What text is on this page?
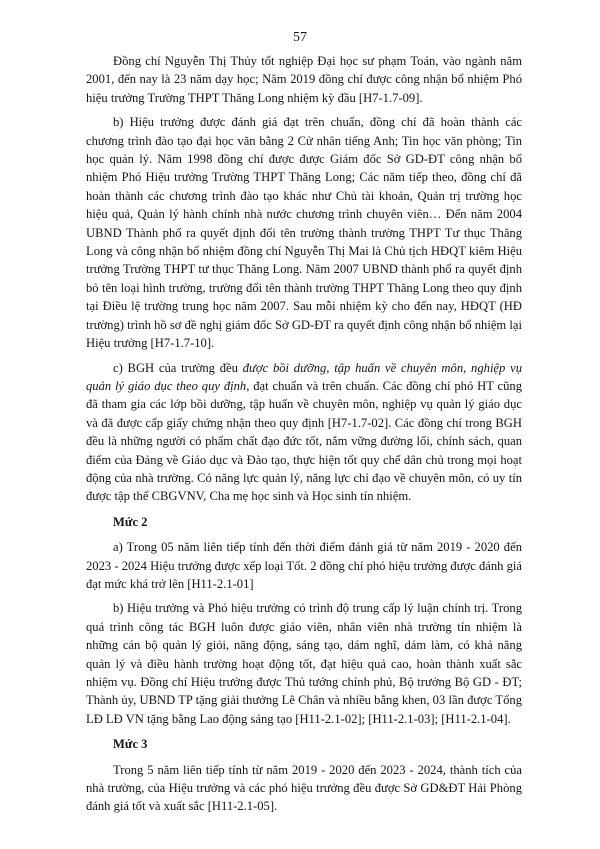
57

Đồng chí Nguyễn Thị Thủy tốt nghiệp Đại học sư phạm Toán, vào ngành năm 2001, đến nay là 23 năm dạy học; Năm 2019 đồng chí được công nhận bổ nhiệm Phó hiệu trưởng Trường THPT Thăng Long nhiệm kỳ đầu [H7-1.7-09].

b) Hiệu trưởng được đánh giá đạt trên chuẩn, đồng chí đã hoàn thành các chương trình đào tạo đại học văn bằng 2 Cử nhân tiếng Anh; Tin học văn phòng; Tin học quản lý. Năm 1998 đồng chí được được Giám đốc Sở GD-ĐT công nhận bổ nhiệm Phó Hiệu trưởng Trường THPT Thăng Long; Các năm tiếp theo, đồng chí đã hoàn thành các chương trình đào tạo khác như Chủ tài khoản, Quản trị trường học hiệu quả, Quản lý hành chính nhà nước chương trình chuyên viên… Đến năm 2004 UBND Thành phố ra quyết định đổi tên trường thành trường THPT Tư thục Thăng Long và công nhận bổ nhiệm đồng chí Nguyễn Thị Mai là Chủ tịch HĐQT kiêm Hiệu trưởng Trường THPT tư thục Thăng Long. Năm 2007 UBND thành phố ra quyết định bỏ tên loại hình trường, trường đổi tên thành trường THPT Thăng Long theo quy định tại Điều lệ trường trung học năm 2007. Sau mỗi nhiệm kỳ cho đến nay, HĐQT (HĐ trường) trình hồ sơ đề nghị giám đốc Sở GD-ĐT ra quyết định công nhận bổ nhiệm lại Hiệu trưởng [H7-1.7-10].

c) BGH của trường đều được bồi dưỡng, tập huấn về chuyên môn, nghiệp vụ quản lý giáo dục theo quy định, đạt chuẩn và trên chuẩn. Các đồng chí phó HT cũng đã tham gia các lớp bồi dưỡng, tập huấn về chuyên môn, nghiệp vụ quản lý giáo dục và đã được cấp giấy chứng nhận theo quy định [H7-1.7-02]. Các đồng chí trong BGH đều là những người có phẩm chất đạo đức tốt, nắm vững đường lối, chính sách, quan điểm của Đảng về Giáo dục và Đào tạo, thực hiện tốt quy chế dân chủ trong mọi hoạt động của nhà trường. Có năng lực quản lý, năng lực chỉ đạo về chuyên môn, có uy tín được tập thể CBGVNV, Cha mẹ học sinh và Học sinh tín nhiệm.

Mức 2

a) Trong 05 năm liên tiếp tính đến thời điểm đánh giá từ năm 2019 - 2020 đến 2023 - 2024 Hiệu trưởng được xếp loại Tốt. 2 đồng chí phó hiệu trưởng được đánh giá đạt mức khá trở lên [H11-2.1-01]

b) Hiệu trưởng và Phó hiệu trưởng có trình độ trung cấp lý luận chính trị. Trong quá trình công tác BGH luôn được giáo viên, nhân viên nhà trường tín nhiệm là những cán bộ quản lý giỏi, năng động, sáng tạo, dám nghĩ, dám làm, có khả năng quản lý và điều hành trường hoạt động tốt, đạt hiệu quả cao, hoàn thành xuất sắc nhiệm vụ. Đồng chí Hiệu trưởng được Thủ tướng chính phủ, Bộ trưởng Bộ GD - ĐT; Thành ủy, UBND TP tặng giải thưởng Lê Chân và nhiều bằng khen, 03 lần được Tổng LĐ LĐ VN tặng bằng Lao động sáng tạo [H11-2.1-02]; [H11-2.1-03]; [H11-2.1-04].

Mức 3

Trong 5 năm liên tiếp tính từ năm 2019 - 2020 đến 2023 - 2024, thành tích của nhà trường, của Hiệu trưởng và các phó hiệu trưởng đều được Sở GD&ĐT Hải Phòng đánh giá tốt và xuất sắc [H11-2.1-05].
